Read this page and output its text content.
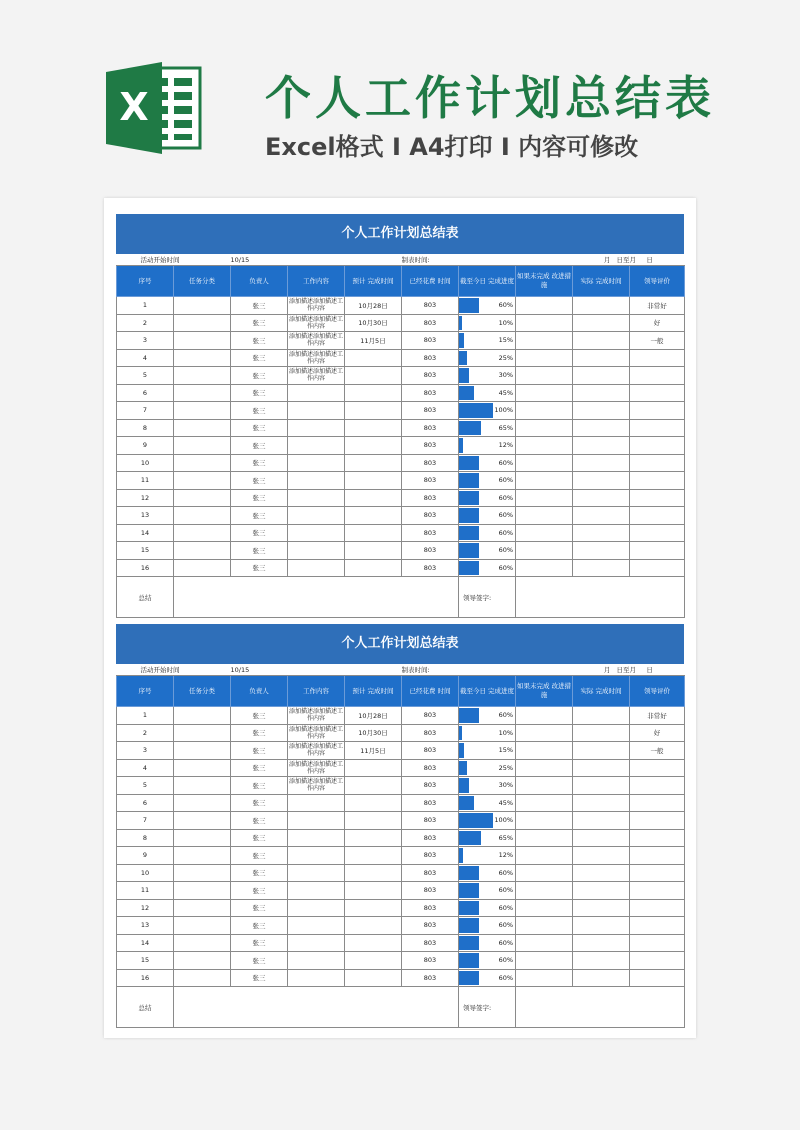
X	个人工作计划总结表
Excel格式 I A4打印 I 内容可修改
个人工作计划总结表
活动开始时间		10/15			制表时间:			月 日至	月 日
序号	任务分类	负责人	工作内容	预计 完成时间	已经花费 时间	截至今日 完成进度	如果未完成 改进措施	实际 完成时间	领导评价
1		张三	添加描述添加描述工作内容	10月28日	803	60%			非常好
2		张三	添加描述添加描述工作内容	10月30日	803	10%			好
3		张三	添加描述添加描述工作内容	11月5日	803	15%			一般
4		张三	添加描述添加描述工作内容		803	25%			

5		张三	添加描述添加描述工作内容		803	30%			

6		张三			803	45%			

7		张三			803	100%			

8		张三			803	65%			

9		张三			803	12%			

10		张三			803	60%			

11		张三			803	60%			

12		张三			803	60%			

13		张三			803	60%			

14		张三			803	60%			

15		张三			803	60%			

16		张三			803	60%			

总结						领导签字:			
个人工作计划总结表
活动开始时间		10/15			制表时间:			月 日至	月 日
序号	任务分类	负责人	工作内容	预计 完成时间	已经花费 时间	截至今日 完成进度	如果未完成 改进措施	实际 完成时间	领导评价
1		张三	添加描述添加描述工作内容	10月28日	803	60%			非常好
2		张三	添加描述添加描述工作内容	10月30日	803	10%			好
3		张三	添加描述添加描述工作内容	11月5日	803	15%			一般
4		张三	添加描述添加描述工作内容		803	25%			

5		张三	添加描述添加描述工作内容		803	30%			

6		张三			803	45%			

7		张三			803	100%			

8		张三			803	65%			

9		张三			803	12%			

10		张三			803	60%			

11		张三			803	60%			

12		张三			803	60%			

13		张三			803	60%			

14		张三			803	60%			

15		张三			803	60%			

16		张三			803	60%			

总结						领导签字:			
